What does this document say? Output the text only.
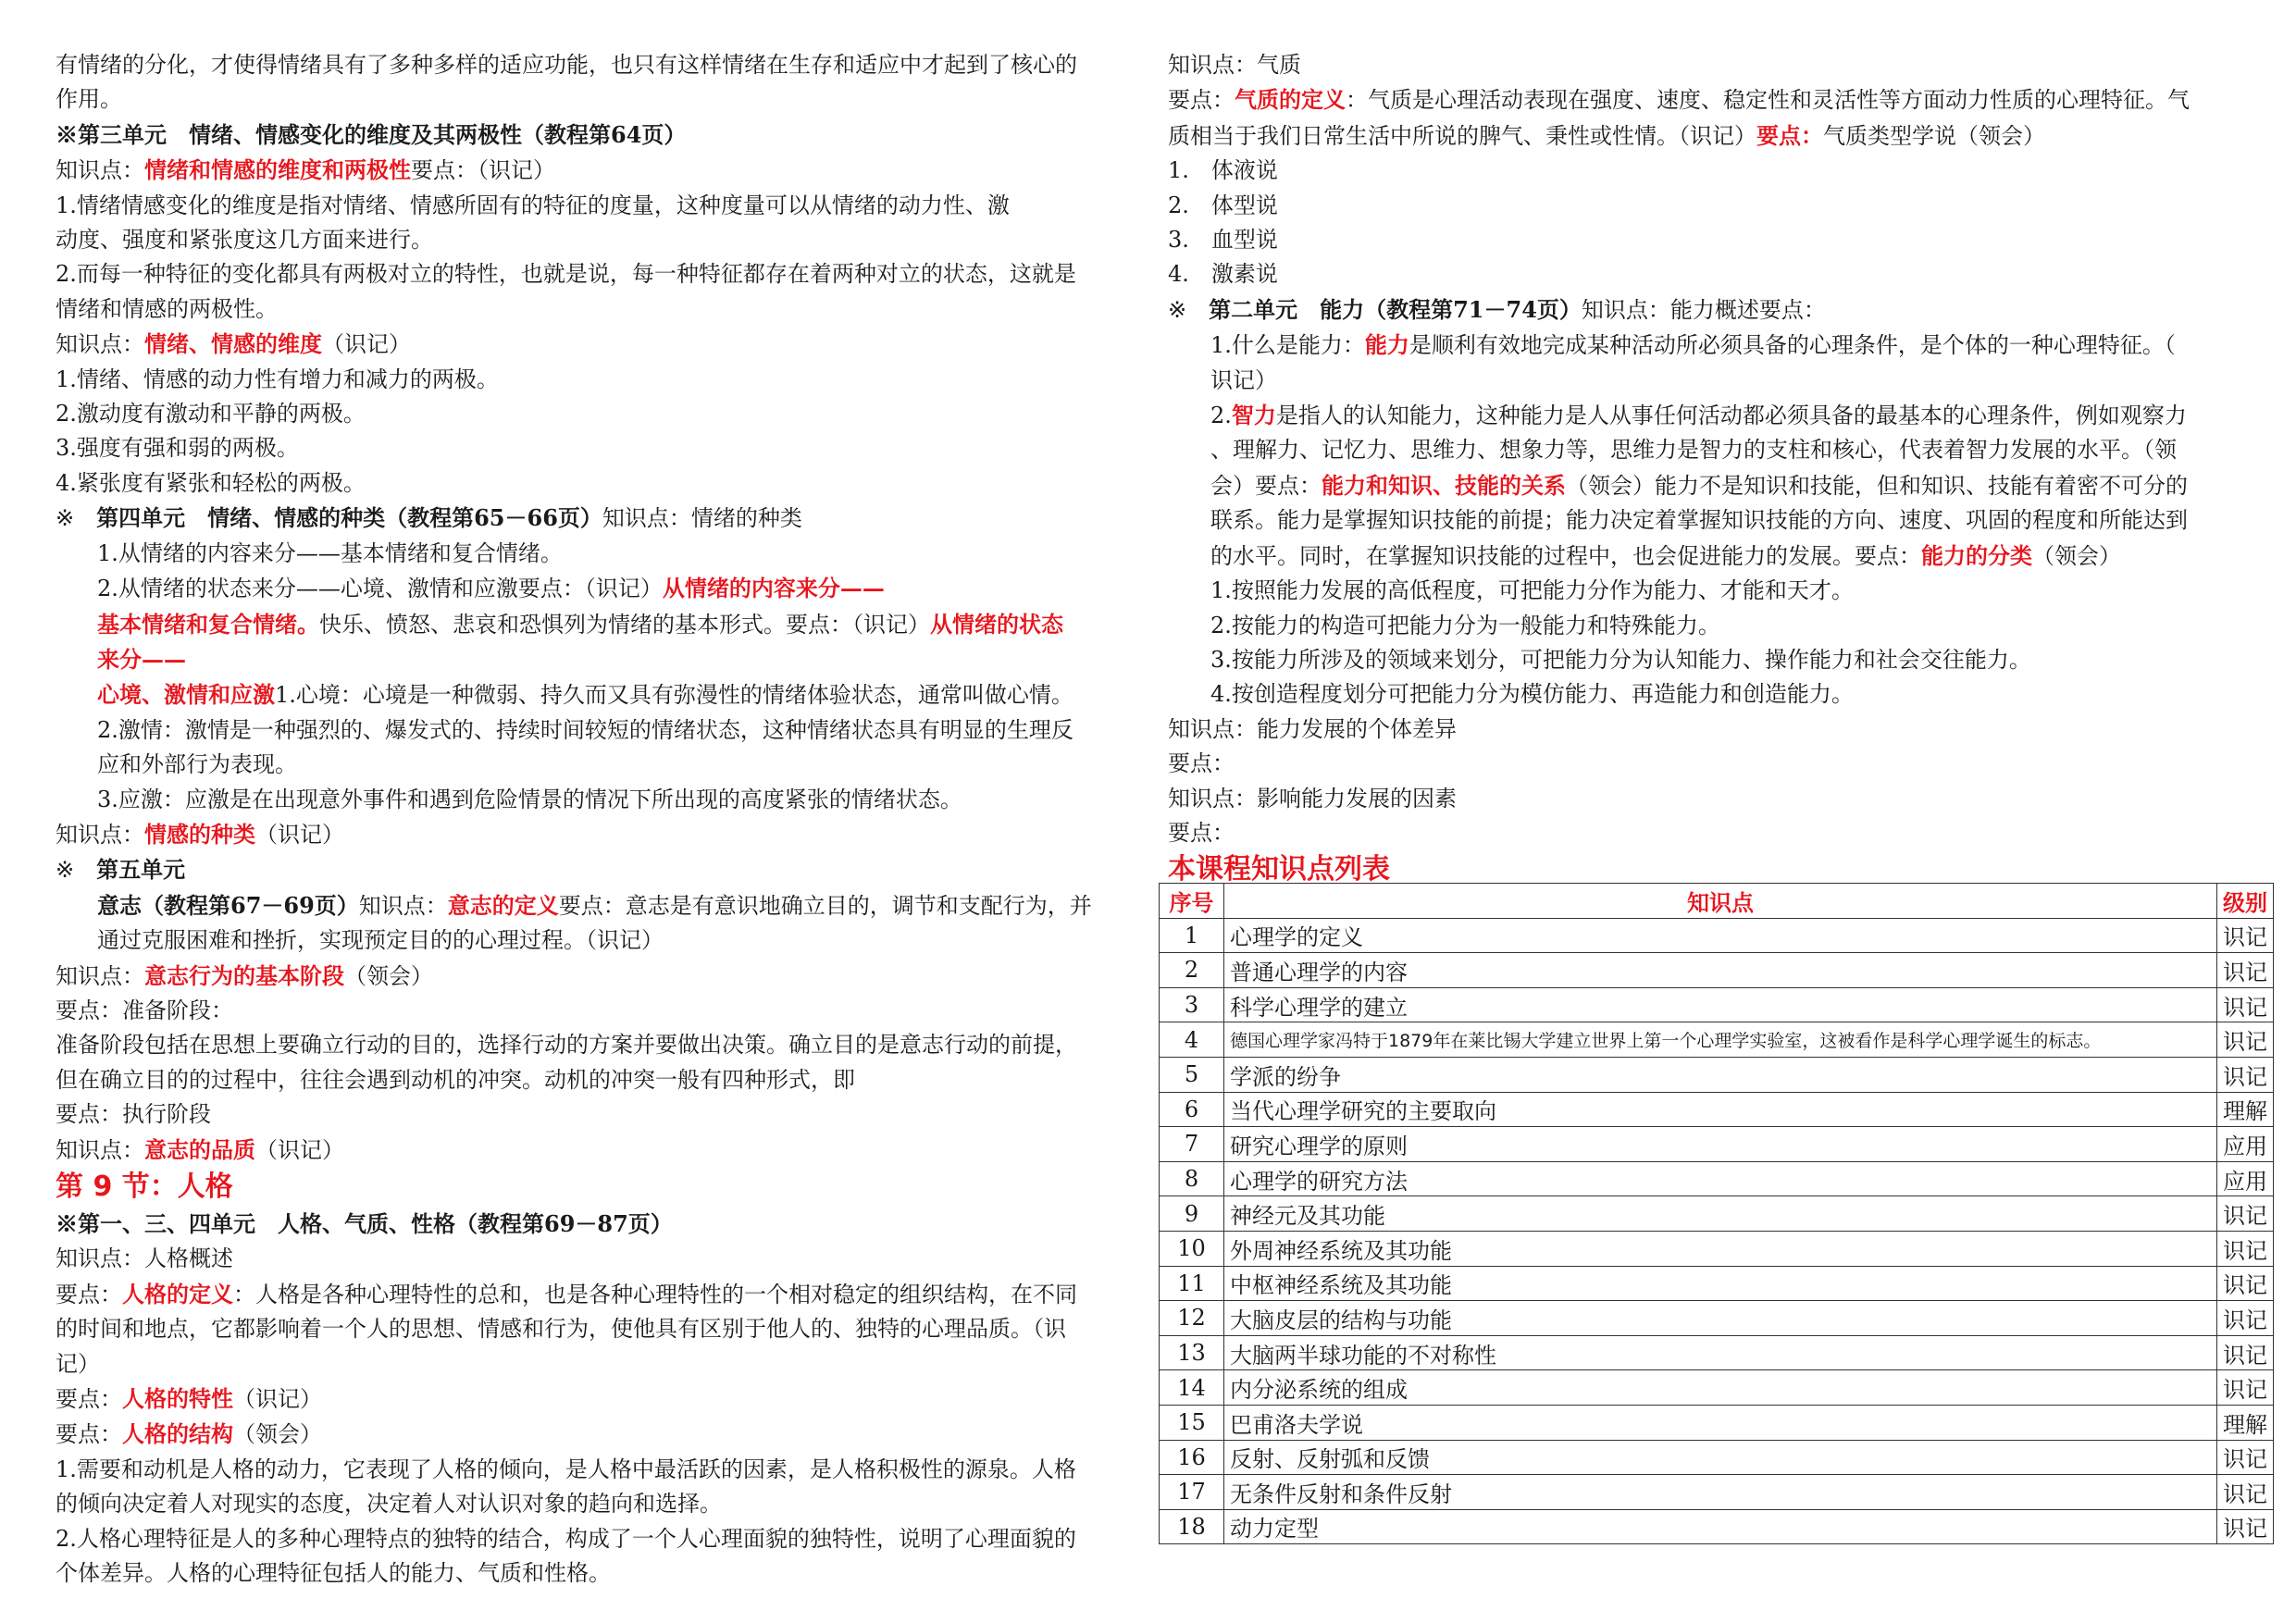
有情绪的分化，才使得情绪具有了多种多样的适应功能，也只有这样情绪在生存和适应中才起到了核心的
作用。
※第三单元　情绪、情感变化的维度及其两极性（教程第64页）
知识点：情绪和情感的维度和两极性要点：（识记）
1.情绪情感变化的维度是指对情绪、情感所固有的特征的度量，这种度量可以从情绪的动力性、激
动度、强度和紧张度这几方面来进行。
2.而每一种特征的变化都具有两极对立的特性，也就是说，每一种特征都存在着两种对立的状态，这就是
情绪和情感的两极性。
知识点：情绪、情感的维度（识记）
1.情绪、情感的动力性有增力和减力的两极。
2.激动度有激动和平静的两极。
3.强度有强和弱的两极。
4.紧张度有紧张和轻松的两极。
※　第四单元　情绪、情感的种类（教程第65－66页）知识点：情绪的种类
1.从情绪的内容来分——基本情绪和复合情绪。
2.从情绪的状态来分——心境、激情和应激要点：（识记）从情绪的内容来分——
基本情绪和复合情绪。快乐、愤怒、悲哀和恐惧列为情绪的基本形式。要点：（识记）从情绪的状态
来分——
心境、激情和应激1.心境：心境是一种微弱、持久而又具有弥漫性的情绪体验状态，通常叫做心情。
2.激情：激情是一种强烈的、爆发式的、持续时间较短的情绪状态，这种情绪状态具有明显的生理反
应和外部行为表现。
3.应激：应激是在出现意外事件和遇到危险情景的情况下所出现的高度紧张的情绪状态。
知识点：情感的种类（识记）
※　第五单元
意志（教程第67－69页）知识点：意志的定义要点：意志是有意识地确立目的，调节和支配行为，并
通过克服困难和挫折，实现预定目的的心理过程。（识记）
知识点：意志行为的基本阶段（领会）
要点：准备阶段：
准备阶段包括在思想上要确立行动的目的，选择行动的方案并要做出决策。确立目的是意志行动的前提，
但在确立目的的过程中，往往会遇到动机的冲突。动机的冲突一般有四种形式，即
要点：执行阶段
知识点：意志的品质（识记）
第 9 节：人格
※第一、三、四单元　人格、气质、性格（教程第69－87页）
知识点：人格概述
要点：人格的定义：人格是各种心理特性的总和，也是各种心理特性的一个相对稳定的组织结构，在不同
的时间和地点，它都影响着一个人的思想、情感和行为，使他具有区别于他人的、独特的心理品质。（识
记）
要点：人格的特性（识记）
要点：人格的结构（领会）
1.需要和动机是人格的动力，它表现了人格的倾向，是人格中最活跃的因素，是人格积极性的源泉。人格
的倾向决定着人对现实的态度，决定着人对认识对象的趋向和选择。
2.人格心理特征是人的多种心理特点的独特的结合，构成了一个人心理面貌的独特性，说明了心理面貌的
个体差异。人格的心理特征包括人的能力、气质和性格。
知识点：气质
要点：气质的定义：气质是心理活动表现在强度、速度、稳定性和灵活性等方面动力性质的心理特征。气
质相当于我们日常生活中所说的脾气、秉性或性情。（识记）要点：气质类型学说（领会）
1.　体液说
2.　体型说
3.　血型说
4.　激素说
※　第二单元　能力（教程第71－74页）知识点：能力概述要点：
1.什么是能力：能力是顺利有效地完成某种活动所必须具备的心理条件，是个体的一种心理特征。（
识记）
2.智力是指人的认知能力，这种能力是人从事任何活动都必须具备的最基本的心理条件，例如观察力
、理解力、记忆力、思维力、想象力等，思维力是智力的支柱和核心，代表着智力发展的水平。（领
会）要点：能力和知识、技能的关系（领会）能力不是知识和技能，但和知识、技能有着密不可分的
联系。能力是掌握知识技能的前提；能力决定着掌握知识技能的方向、速度、巩固的程度和所能达到
的水平。同时，在掌握知识技能的过程中，也会促进能力的发展。要点：能力的分类（领会）
1.按照能力发展的高低程度，可把能力分作为能力、才能和天才。
2.按能力的构造可把能力分为一般能力和特殊能力。
3.按能力所涉及的领域来划分，可把能力分为认知能力、操作能力和社会交往能力。
4.按创造程度划分可把能力分为模仿能力、再造能力和创造能力。
知识点：能力发展的个体差异
要点：
知识点：影响能力发展的因素
要点：
本课程知识点列表
序号	知识点	级别
1	心理学的定义	识记
2	普通心理学的内容	识记
3	科学心理学的建立	识记
4	德国心理学家冯特于1879年在莱比锡大学建立世界上第一个心理学实验室，这被看作是科学心理学诞生的标志。	识记
5	学派的纷争	识记
6	当代心理学研究的主要取向	理解
7	研究心理学的原则	应用
8	心理学的研究方法	应用
9	神经元及其功能	识记
10	外周神经系统及其功能	识记
11	中枢神经系统及其功能	识记
12	大脑皮层的结构与功能	识记
13	大脑两半球功能的不对称性	识记
14	内分泌系统的组成	识记
15	巴甫洛夫学说	理解
16	反射、反射弧和反馈	识记
17	无条件反射和条件反射	识记
18	动力定型	识记
